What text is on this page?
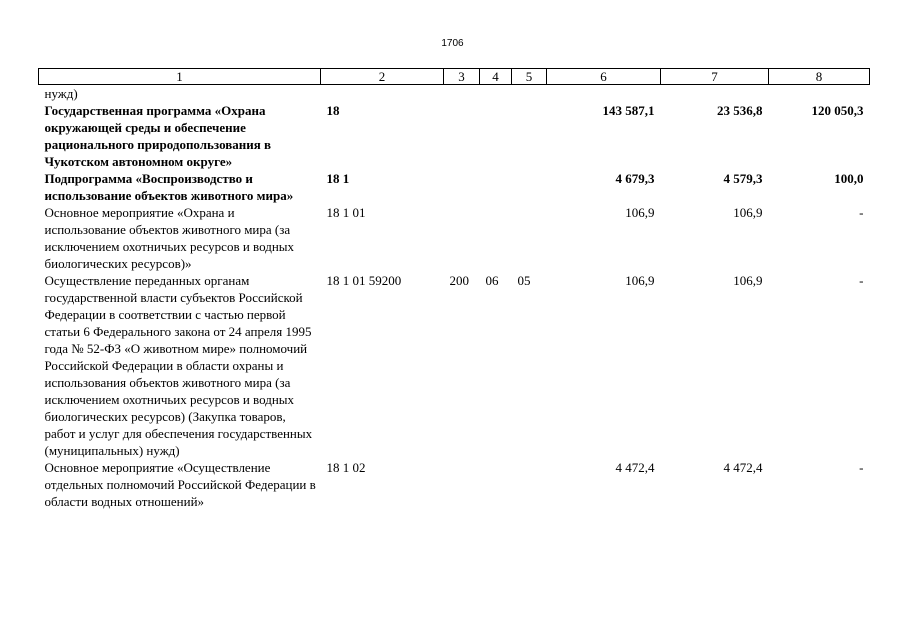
1706
1	2	3	4	5	6	7	8
нужд)							
Государственная программа «Охрана окружающей среды и обеспечение рационального природопользования в Чукотском автономном округе»	18				143 587,1	23 536,8	120 050,3
Подпрограмма «Воспроизводство и использование объектов животного мира»	18 1				4 679,3	4 579,3	100,0
Основное мероприятие «Охрана и использование объектов животного мира (за исключением охотничьих ресурсов и водных биологических ресурсов)»	18 1 01				106,9	106,9	-
Осуществление переданных органам государственной власти субъектов Российской Федерации в соответствии с частью первой статьи 6 Федерального закона от 24 апреля 1995 года № 52-ФЗ «О животном мире» полномочий Российской Федерации в области охраны и использования объектов животного мира (за исключением охотничьих ресурсов и водных биологических ресурсов) (Закупка товаров, работ и услуг для обеспечения государственных (муниципальных) нужд)	18 1 01 59200	200	06	05	106,9	106,9	-
Основное мероприятие «Осуществление отдельных полномочий Российской Федерации в области водных отношений»	18 1 02				4 472,4	4 472,4	-
